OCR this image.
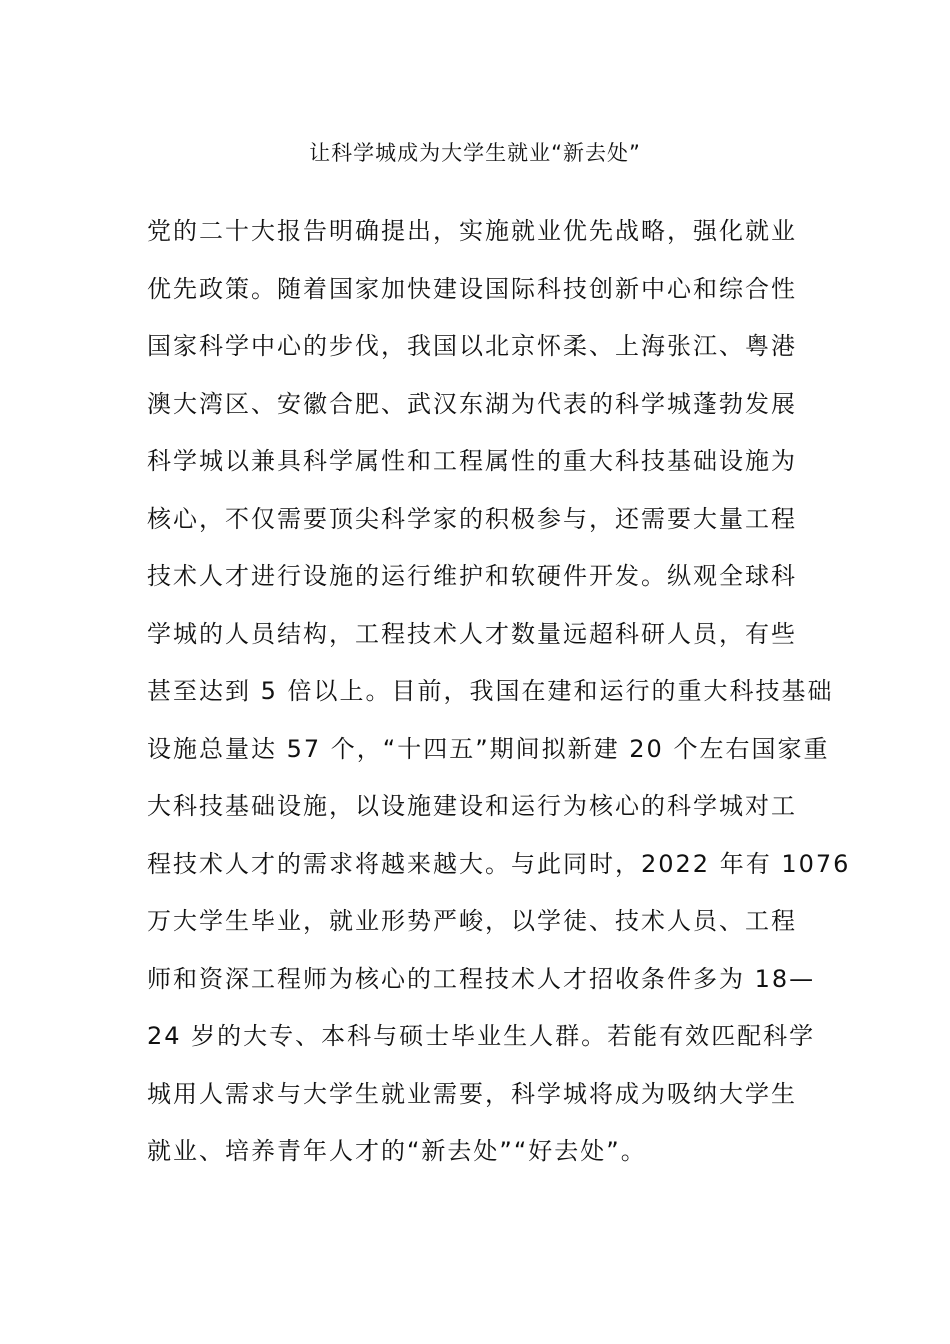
让科学城成为大学生就业“新去处”
党的二十大报告明确提出，实施就业优先战略，强化就业
优先政策。随着国家加快建设国际科技创新中心和综合性
国家科学中心的步伐，我国以北京怀柔、上海张江、粤港
澳大湾区、安徽合肥、武汉东湖为代表的科学城蓬勃发展
科学城以兼具科学属性和工程属性的重大科技基础设施为
核心，不仅需要顶尖科学家的积极参与，还需要大量工程
技术人才进行设施的运行维护和软硬件开发。纵观全球科
学城的人员结构，工程技术人才数量远超科研人员，有些
甚至达到 5 倍以上。目前，我国在建和运行的重大科技基础
设施总量达 57 个，“十四五”期间拟新建 20 个左右国家重
大科技基础设施，以设施建设和运行为核心的科学城对工
程技术人才的需求将越来越大。与此同时，2022 年有 1076
万大学生毕业，就业形势严峻，以学徒、技术人员、工程
师和资深工程师为核心的工程技术人才招收条件多为 18—
24 岁的大专、本科与硕士毕业生人群。若能有效匹配科学
城用人需求与大学生就业需要，科学城将成为吸纳大学生
就业、培养青年人才的“新去处”“好去处”。
